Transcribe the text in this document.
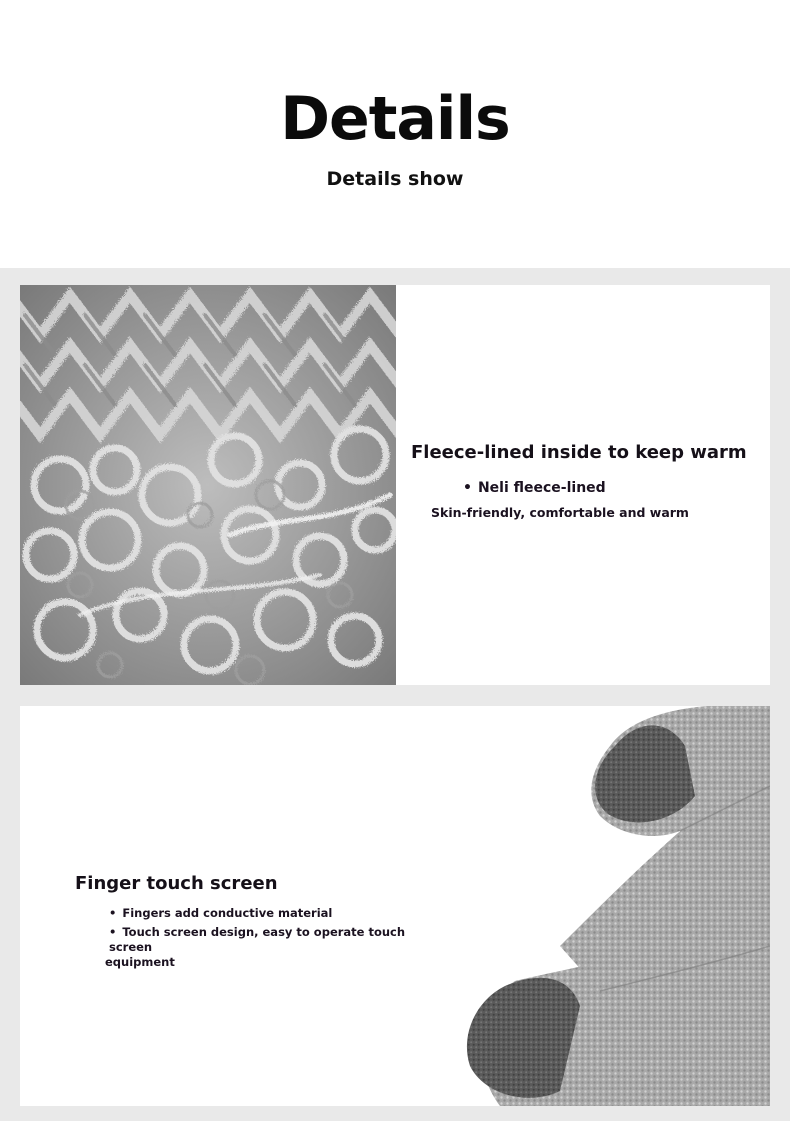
Details
Details show
Fleece-lined inside to keep warm
• Neli fleece-lined
Skin-friendly, comfortable and warm
Finger touch screen
• Fingers add conductive material
• Touch screen design, easy to operate touch screen
equipment
